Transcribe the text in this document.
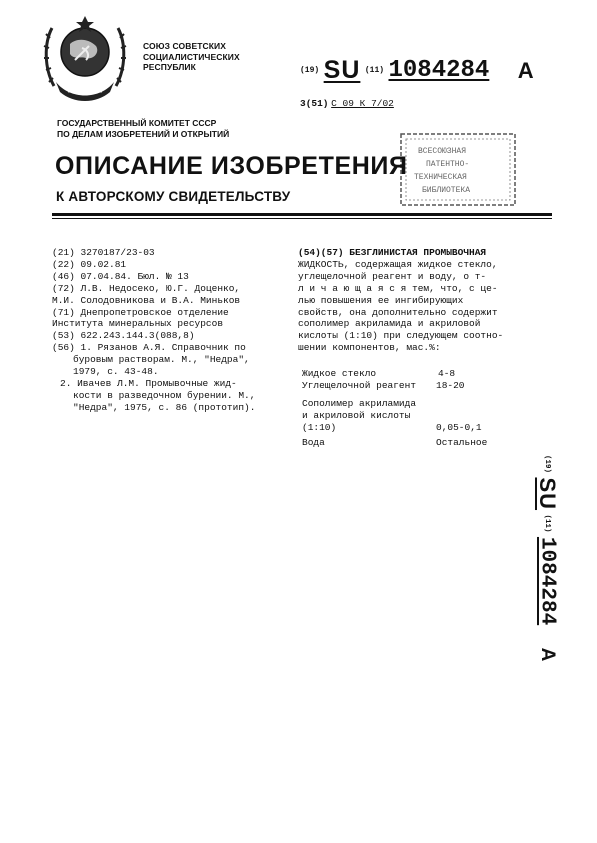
СОЮЗ СОВЕТСКИХ
СОЦИАЛИСТИЧЕСКИХ
РЕСПУБЛИК	(19) SU (11) 1084284 A
3(51) С 09 К 7/02
ГОСУДАРСТВЕННЫЙ КОМИТЕТ СССР
ПО ДЕЛАМ ИЗОБРЕТЕНИЙ И ОТКРЫТИЙ
ВСЕСОЮЗНАЯ
ПАТЕНТНО-
ТЕХНИЧЕСКАЯ
БИБЛИОТЕКА
ОПИСАНИЕ ИЗОБРЕТЕНИЯ
К АВТОРСКОМУ СВИДЕТЕЛЬСТВУ
(21) 3270187/23-03
(22) 09.02.81
(46) 07.04.84. Бюл. № 13
(72) Л.В. Недосеко, Ю.Г. Доценко,
М.И. Солодовникова и В.А. Миньков
(71) Днепропетровское отделение
Института минеральных ресурсов
(53) 622.243.144.3(088,8)
(56) 1. Рязанов А.Я. Справочник по
буровым растворам. М., "Недра",
1979, с. 43-48.
2. Ивачев Л.М. Промывочные жид-
кости в разведочном бурении. М.,
"Недра", 1975, с. 86 (прототип).
(54)(57) БЕЗГЛИНИСТАЯ ПРОМЫВОЧНАЯ
ЖИДКОСТЬ, содержащая жидкое стекло,
углещелочной реагент и воду, о т-
л и ч а ю щ а я с я тем, что, с це-
лью повышения ее ингибирующих
свойств, она дополнительно содержит
сополимер акриламида и акриловой
кислоты (1:10) при следующем соотно-
шении компонентов, мас.%:
Жидкое стекло	4-8
Углещелочной реагент 18-20
Сополимер акриламида
и акриловой кислоты
(1:10)	0,05-0,1
Вода	Остальное
(19) SU (11) 1084284 A
